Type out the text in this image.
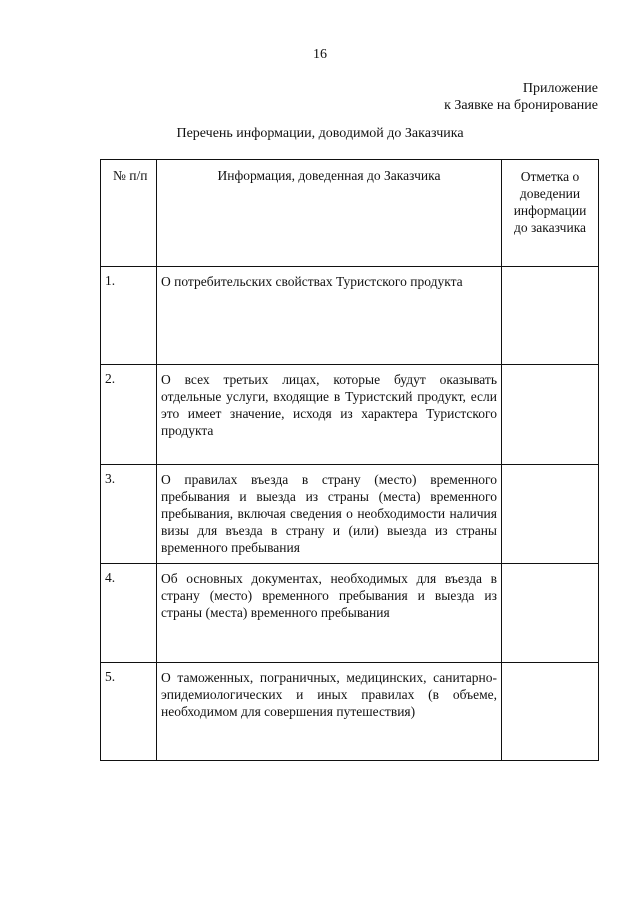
16
Приложение
к Заявке на бронирование
Перечень информации, доводимой до Заказчика
№ п/п	Информация, доведенная до Заказчика	Отметка о доведении информации до заказчика
1.	О потребительских свойствах Туристского продукта	
2.	О всех третьих лицах, которые будут оказывать отдельные услуги, входящие в Туристский продукт, если это имеет значение, исходя из характера Туристского продукта	
3.	О правилах въезда в страну (место) временного пребывания и выезда из страны (места) временного пребывания, включая сведения о необходимости наличия визы для въезда в страну и (или) выезда из страны временного пребывания	
4.	Об основных документах, необходимых для въезда в страну (место) временного пребывания и выезда из страны (места) временного пребывания	
5.	О таможенных, пограничных, медицинских, санитарно-эпидемиологических и иных правилах (в объеме, необходимом для совершения путешествия)	
